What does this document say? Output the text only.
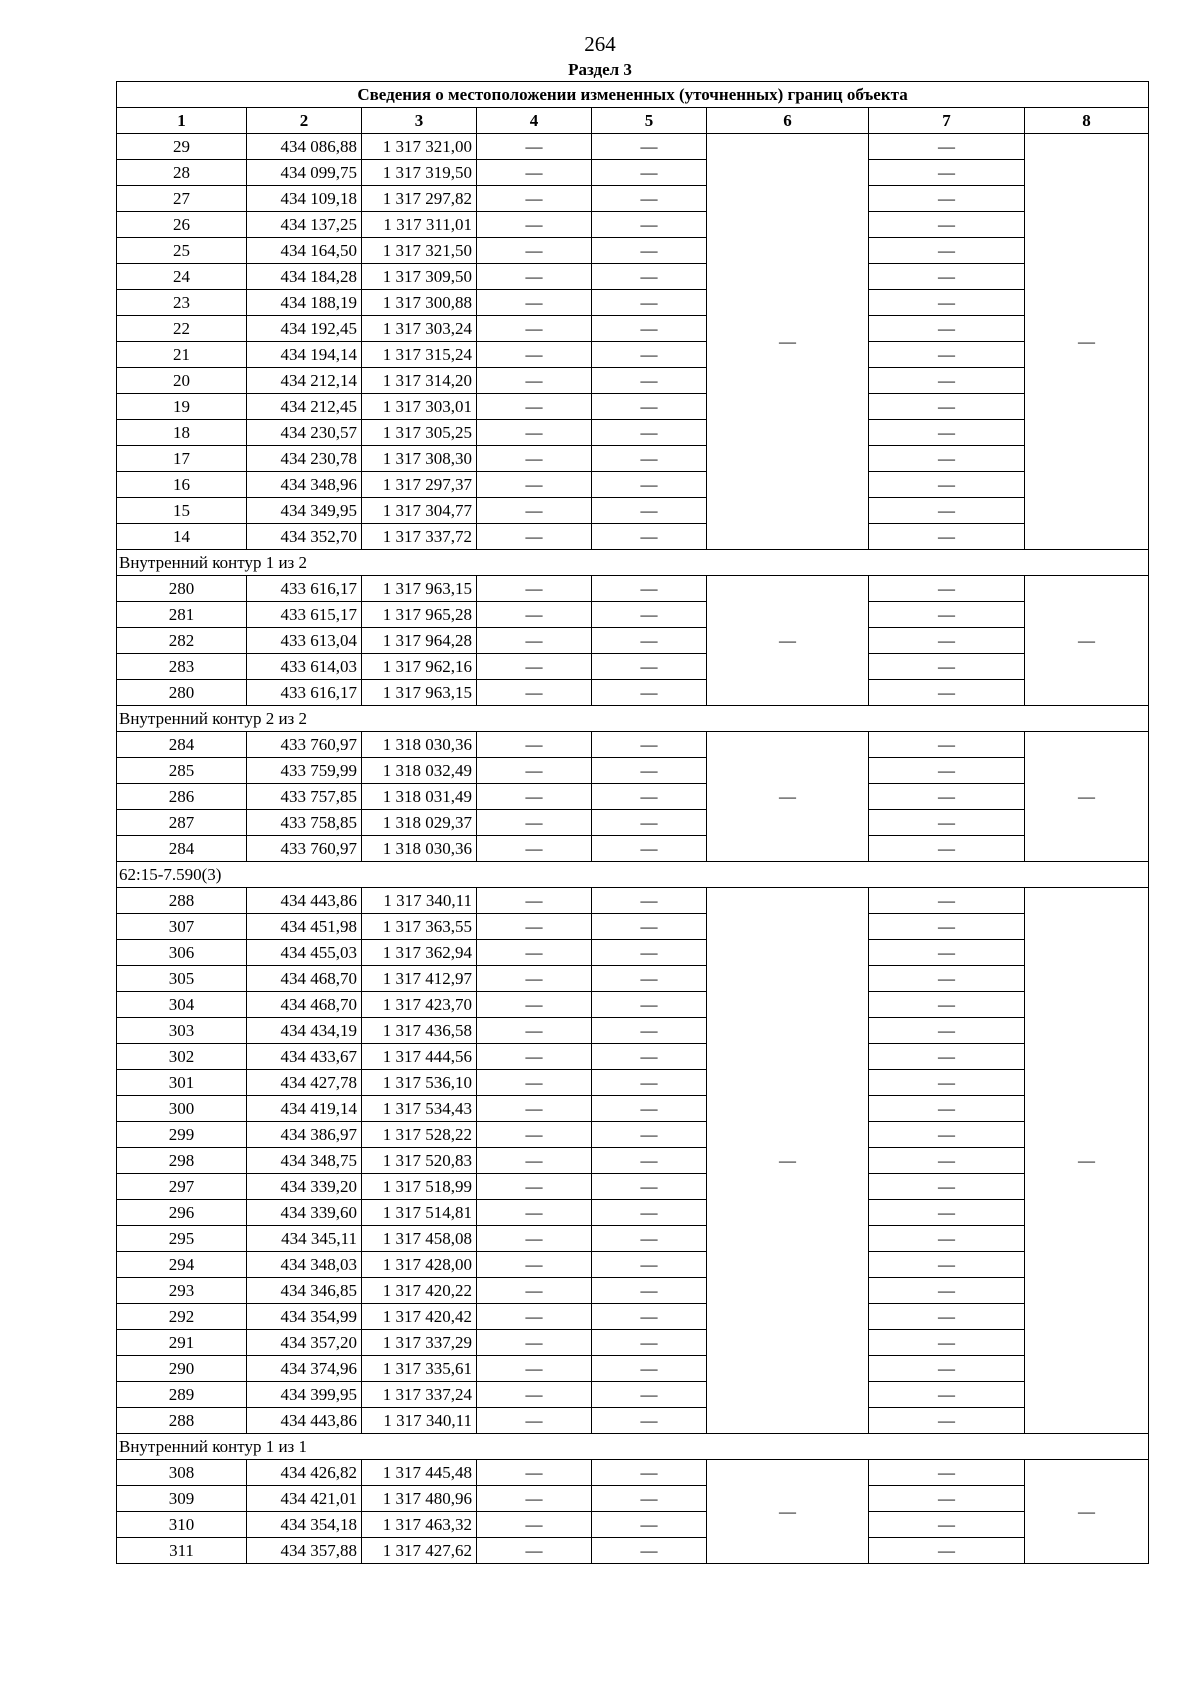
264
Раздел 3
Сведения о местоположении измененных (уточненных) границ объекта							
1	2	3	4	5	6	7	8
29	434 086,88	1 317 321,00	—	—	—	—	—
28	434 099,75	1 317 319,50	—	—		—	
27	434 109,18	1 317 297,82	—	—		—	
26	434 137,25	1 317 311,01	—	—		—	
25	434 164,50	1 317 321,50	—	—		—	
24	434 184,28	1 317 309,50	—	—		—	
23	434 188,19	1 317 300,88	—	—		—	
22	434 192,45	1 317 303,24	—	—		—	
21	434 194,14	1 317 315,24	—	—		—	
20	434 212,14	1 317 314,20	—	—		—	
19	434 212,45	1 317 303,01	—	—		—	
18	434 230,57	1 317 305,25	—	—		—	
17	434 230,78	1 317 308,30	—	—		—	
16	434 348,96	1 317 297,37	—	—		—	
15	434 349,95	1 317 304,77	—	—		—	
14	434 352,70	1 317 337,72	—	—		—	
Внутренний контур 1 из 2							
280	433 616,17	1 317 963,15	—	—	—	—	—
281	433 615,17	1 317 965,28	—	—		—	
282	433 613,04	1 317 964,28	—	—		—	
283	433 614,03	1 317 962,16	—	—		—	
280	433 616,17	1 317 963,15	—	—		—	
Внутренний контур 2 из 2							
284	433 760,97	1 318 030,36	—	—	—	—	—
285	433 759,99	1 318 032,49	—	—		—	
286	433 757,85	1 318 031,49	—	—		—	
287	433 758,85	1 318 029,37	—	—		—	
284	433 760,97	1 318 030,36	—	—		—	
62:15-7.590(3)							
288	434 443,86	1 317 340,11	—	—	—	—	—
307	434 451,98	1 317 363,55	—	—		—	
306	434 455,03	1 317 362,94	—	—		—	
305	434 468,70	1 317 412,97	—	—		—	
304	434 468,70	1 317 423,70	—	—		—	
303	434 434,19	1 317 436,58	—	—		—	
302	434 433,67	1 317 444,56	—	—		—	
301	434 427,78	1 317 536,10	—	—		—	
300	434 419,14	1 317 534,43	—	—		—	
299	434 386,97	1 317 528,22	—	—		—	
298	434 348,75	1 317 520,83	—	—		—	
297	434 339,20	1 317 518,99	—	—		—	
296	434 339,60	1 317 514,81	—	—		—	
295	434 345,11	1 317 458,08	—	—		—	
294	434 348,03	1 317 428,00	—	—		—	
293	434 346,85	1 317 420,22	—	—		—	
292	434 354,99	1 317 420,42	—	—		—	
291	434 357,20	1 317 337,29	—	—		—	
290	434 374,96	1 317 335,61	—	—		—	
289	434 399,95	1 317 337,24	—	—		—	
288	434 443,86	1 317 340,11	—	—		—	
Внутренний контур 1 из 1							
308	434 426,82	1 317 445,48	—	—	—	—	—
309	434 421,01	1 317 480,96	—	—		—	
310	434 354,18	1 317 463,32	—	—		—	
311	434 357,88	1 317 427,62	—	—		—	
